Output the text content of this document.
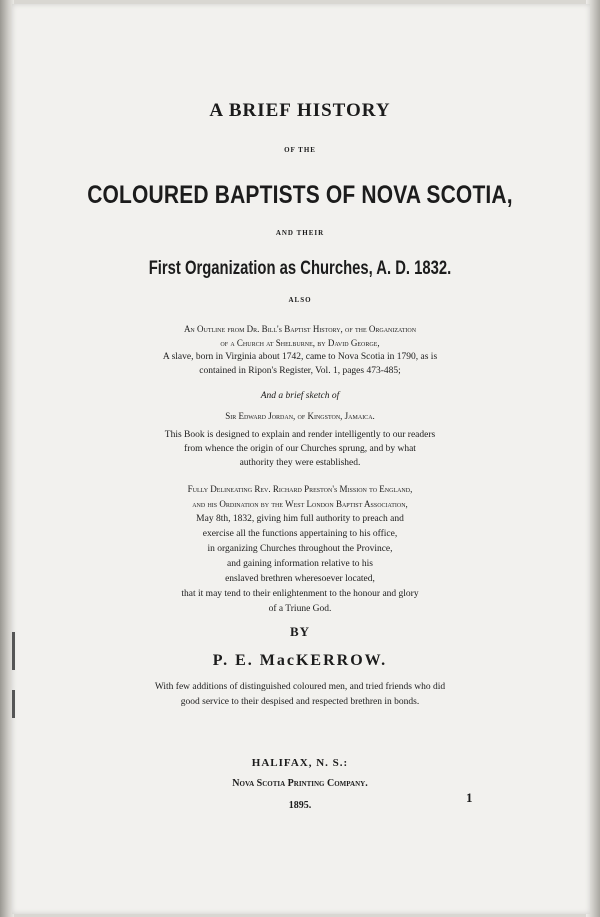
A BRIEF HISTORY
OF THE
COLOURED BAPTISTS OF NOVA SCOTIA,
AND THEIR
First Organization as Churches, A. D. 1832.
ALSO
An Outline from Dr. Bill's Baptist History, of the Organization
of a Church at Shelburne, by David George,
A slave, born in Virginia about 1742, came to Nova Scotia in 1790, as is
contained in Ripon's Register, Vol. 1, pages 473-485;
And a brief sketch of
Sir Edward Jordan, of Kingston, Jamaica.
This Book is designed to explain and render intelligently to our readers
from whence the origin of our Churches sprung, and by what
authority they were established.
Fully Delineating Rev. Richard Preston's Mission to England,
and his Ordination by the West London Baptist Association,
May 8th, 1832, giving him full authority to preach and
exercise all the functions appertaining to his office,
in organizing Churches throughout the Province,
and gaining information relative to his
enslaved brethren wheresoever located,
that it may tend to their enlightenment to the honour and glory
of a Triune God.
BY
P. E. MacKERROW.
With few additions of distinguished coloured men, and tried friends who did
good service to their despised and respected brethren in bonds.
HALIFAX, N. S.:
Nova Scotia Printing Company.
1895.
1
